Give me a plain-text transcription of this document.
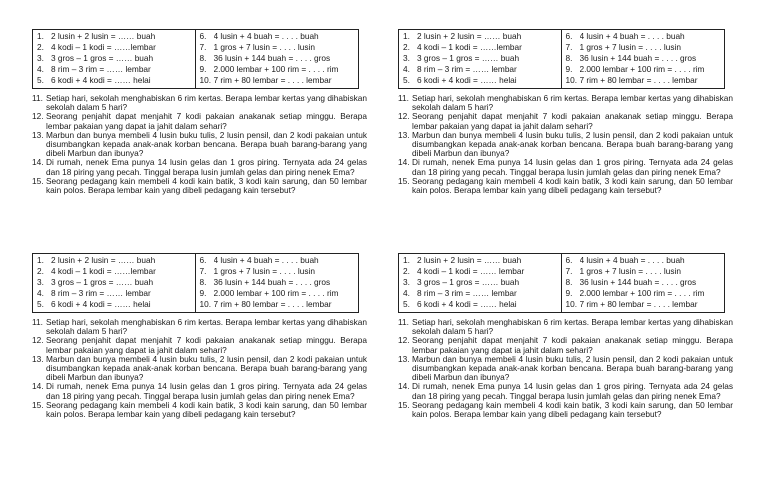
1. 2 lusin + 2 lusin = …… buah
2. 4 kodi – 1 kodi = ……lembar
3. 3 gros – 1 gros = …… buah
4. 8 rim – 3 rim = …… lembar
5. 6 kodi + 4 kodi = …… helai
6. 4 lusin + 4 buah = . . . . buah
7. 1 gros + 7 lusin = . . . . lusin
8. 36 lusin + 144 buah = . . . . gros
9. 2.000 lembar + 100 rim = . . . . rim
10. 7 rim + 80 lembar = . . . . lembar
11. Setiap hari, sekolah menghabiskan 6 rim kertas. Berapa lembar kertas yang dihabiskan sekolah dalam 5 hari?
12. Seorang penjahit dapat menjahit 7 kodi pakaian anakanak setiap minggu. Berapa lembar pakaian yang dapat ia jahit dalam sehari?
13. Marbun dan bunya membeli 4 lusin buku tulis, 2 lusin pensil, dan 2 kodi pakaian untuk disumbangkan kepada anak-anak korban bencana. Berapa buah barang-barang yang dibeli Marbun dan ibunya?
14. Di rumah, nenek Ema punya 14 lusin gelas dan 1 gros piring. Ternyata ada 24 gelas dan 18 piring yang pecah. Tinggal berapa lusin jumlah gelas dan piring nenek Ema?
15. Seorang pedagang kain membeli 4 kodi kain batik, 3 kodi kain sarung, dan 50 lembar kain polos. Berapa lembar kain yang dibeli pedagang kain tersebut?
1. 2 lusin + 2 lusin = …… buah
2. 4 kodi – 1 kodi = ……lembar
3. 3 gros – 1 gros = …… buah
4. 8 rim – 3 rim = …… lembar
5. 6 kodi + 4 kodi = …… helai
6. 4 lusin + 4 buah = . . . . buah
7. 1 gros + 7 lusin = . . . . lusin
8. 36 lusin + 144 buah = . . . . gros
9. 2.000 lembar + 100 rim = . . . . rim
10. 7 rim + 80 lembar = . . . . lembar
11. Setiap hari, sekolah menghabiskan 6 rim kertas. Berapa lembar kertas yang dihabiskan sekolah dalam 5 hari?
12. Seorang penjahit dapat menjahit 7 kodi pakaian anakanak setiap minggu. Berapa lembar pakaian yang dapat ia jahit dalam sehari?
13. Marbun dan bunya membeli 4 lusin buku tulis, 2 lusin pensil, dan 2 kodi pakaian untuk disumbangkan kepada anak-anak korban bencana. Berapa buah barang-barang yang dibeli Marbun dan ibunya?
14. Di rumah, nenek Ema punya 14 lusin gelas dan 1 gros piring. Ternyata ada 24 gelas dan 18 piring yang pecah. Tinggal berapa lusin jumlah gelas dan piring nenek Ema?
15. Seorang pedagang kain membeli 4 kodi kain batik, 3 kodi kain sarung, dan 50 lembar kain polos. Berapa lembar kain yang dibeli pedagang kain tersebut?
1. 2 lusin + 2 lusin = …… buah
2. 4 kodi – 1 kodi = ……lembar
3. 3 gros – 1 gros = …… buah
4. 8 rim – 3 rim = …… lembar
5. 6 kodi + 4 kodi = …… helai
6. 4 lusin + 4 buah = . . . . buah
7. 1 gros + 7 lusin = . . . . lusin
8. 36 lusin + 144 buah = . . . . gros
9. 2.000 lembar + 100 rim = . . . . rim
10. 7 rim + 80 lembar = . . . . lembar
11. Setiap hari, sekolah menghabiskan 6 rim kertas. Berapa lembar kertas yang dihabiskan sekolah dalam 5 hari?
12. Seorang penjahit dapat menjahit 7 kodi pakaian anakanak setiap minggu. Berapa lembar pakaian yang dapat ia jahit dalam sehari?
13. Marbun dan bunya membeli 4 lusin buku tulis, 2 lusin pensil, dan 2 kodi pakaian untuk disumbangkan kepada anak-anak korban bencana. Berapa buah barang-barang yang dibeli Marbun dan ibunya?
14. Di rumah, nenek Ema punya 14 lusin gelas dan 1 gros piring. Ternyata ada 24 gelas dan 18 piring yang pecah. Tinggal berapa lusin jumlah gelas dan piring nenek Ema?
15. Seorang pedagang kain membeli 4 kodi kain batik, 3 kodi kain sarung, dan 50 lembar kain polos. Berapa lembar kain yang dibeli pedagang kain tersebut?
1. 2 lusin + 2 lusin = …… buah
2. 4 kodi – 1 kodi = …… lembar
3. 3 gros – 1 gros = …… buah
4. 8 rim – 3 rim = …… lembar
5. 6 kodi + 4 kodi = …… helai
6. 4 lusin + 4 buah = . . . . buah
7. 1 gros + 7 lusin = . . . . lusin
8. 36 lusin + 144 buah = . . . . gros
9. 2.000 lembar + 100 rim = . . . . rim
10. 7 rim + 80 lembar = . . . . lembar
11. Setiap hari, sekolah menghabiskan 6 rim kertas. Berapa lembar kertas yang dihabiskan sekolah dalam 5 hari?
12. Seorang penjahit dapat menjahit 7 kodi pakaian anakanak setiap minggu. Berapa lembar pakaian yang dapat ia jahit dalam sehari?
13. Marbun dan bunya membeli 4 lusin buku tulis, 2 lusin pensil, dan 2 kodi pakaian untuk disumbangkan kepada anak-anak korban bencana. Berapa buah barang-barang yang dibeli Marbun dan ibunya?
14. Di rumah, nenek Ema punya 14 lusin gelas dan 1 gros piring. Ternyata ada 24 gelas dan 18 piring yang pecah. Tinggal berapa lusin jumlah gelas dan piring nenek Ema?
15. Seorang pedagang kain membeli 4 kodi kain batik, 3 kodi kain sarung, dan 50 lembar kain polos. Berapa lembar kain yang dibeli pedagang kain tersebut?
